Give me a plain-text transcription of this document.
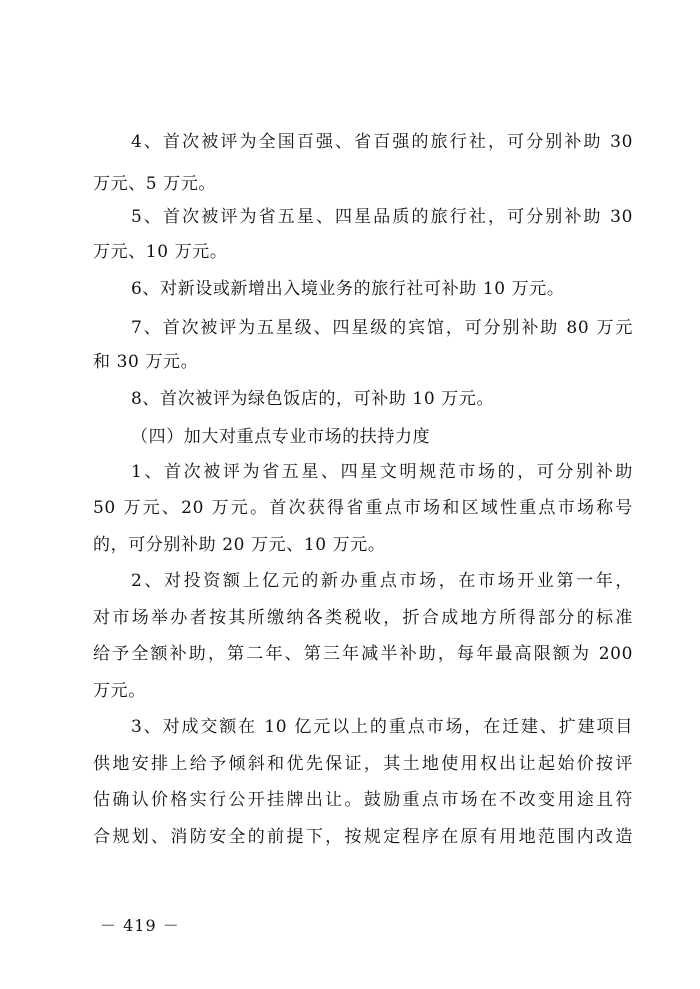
4、首次被评为全国百强、省百强的旅行社，可分别补助 30
万元、5 万元。
5、首次被评为省五星、四星品质的旅行社，可分别补助 30
万元、10 万元。
6、对新设或新增出入境业务的旅行社可补助 10 万元。
7、首次被评为五星级、四星级的宾馆，可分别补助 80 万元
和 30 万元。
8、首次被评为绿色饭店的，可补助 10 万元。
（四）加大对重点专业市场的扶持力度
1、首次被评为省五星、四星文明规范市场的，可分别补助
50 万元、20 万元。首次获得省重点市场和区域性重点市场称号
的，可分别补助 20 万元、10 万元。
2、对投资额上亿元的新办重点市场，在市场开业第一年，
对市场举办者按其所缴纳各类税收，折合成地方所得部分的标准
给予全额补助，第二年、第三年减半补助，每年最高限额为 200
万元。
3、对成交额在 10 亿元以上的重点市场，在迁建、扩建项目
供地安排上给予倾斜和优先保证，其土地使用权出让起始价按评
估确认价格实行公开挂牌出让。鼓励重点市场在不改变用途且符
合规划、消防安全的前提下，按规定程序在原有用地范围内改造
－ 419 －
